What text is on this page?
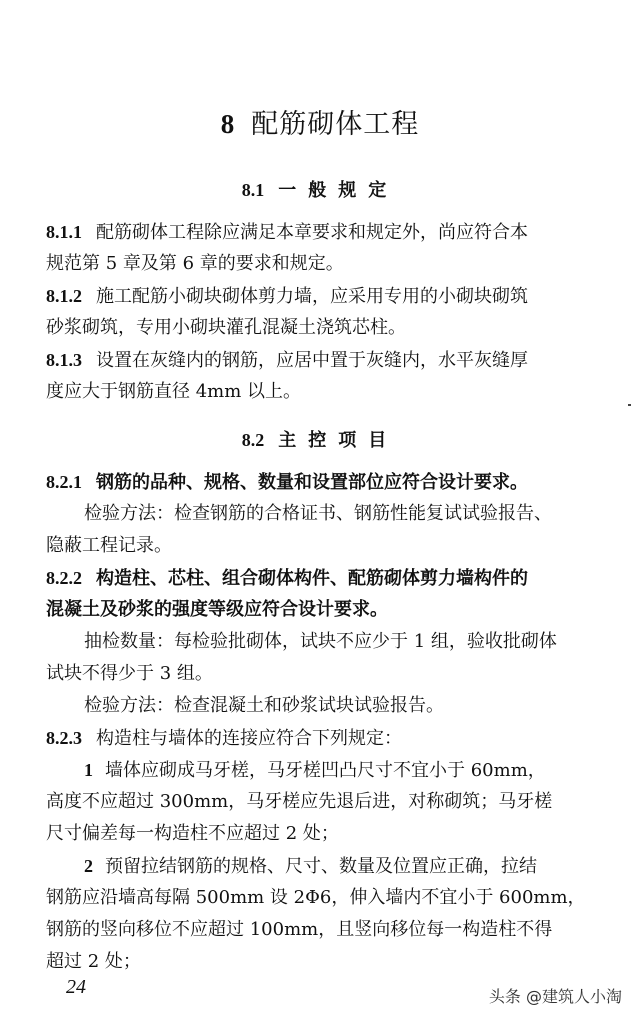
8 配筋砌体工程
8.1 一般规定
8.1.1 配筋砌体工程除应满足本章要求和规定外，尚应符合本
规范第 5 章及第 6 章的要求和规定。
8.1.2 施工配筋小砌块砌体剪力墙，应采用专用的小砌块砌筑
砂浆砌筑，专用小砌块灌孔混凝土浇筑芯柱。
8.1.3 设置在灰缝内的钢筋，应居中置于灰缝内，水平灰缝厚
度应大于钢筋直径 4mm 以上。
8.2 主控项目
8.2.1 钢筋的品种、规格、数量和设置部位应符合设计要求。
检验方法：检查钢筋的合格证书、钢筋性能复试试验报告、
隐蔽工程记录。
8.2.2 构造柱、芯柱、组合砌体构件、配筋砌体剪力墙构件的
混凝土及砂浆的强度等级应符合设计要求。
抽检数量：每检验批砌体，试块不应少于 1 组，验收批砌体
试块不得少于 3 组。
检验方法：检查混凝土和砂浆试块试验报告。
8.2.3 构造柱与墙体的连接应符合下列规定：
1 墙体应砌成马牙槎，马牙槎凹凸尺寸不宜小于 60mm，
高度不应超过 300mm，马牙槎应先退后进，对称砌筑；马牙槎
尺寸偏差每一构造柱不应超过 2 处；
2 预留拉结钢筋的规格、尺寸、数量及位置应正确，拉结
钢筋应沿墙高每隔 500mm 设 2Φ6，伸入墙内不宜小于 600mm，
钢筋的竖向移位不应超过 100mm，且竖向移位每一构造柱不得
超过 2 处；
24	头条 @建筑人小淘
